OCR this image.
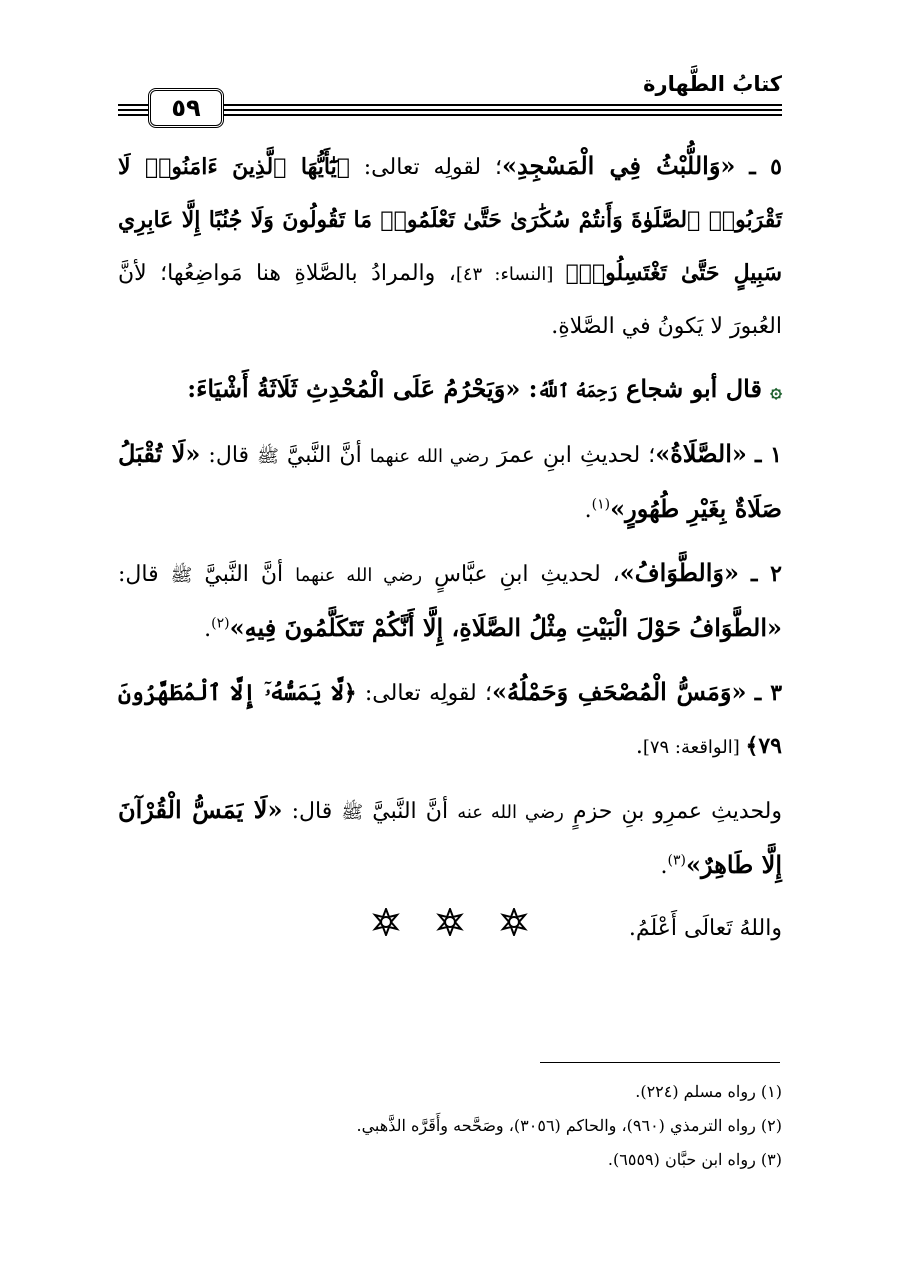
كتابُ الطَّهارة
٥٩

٥ ـ «وَاللُّبْثُ فِي الْمَسْجِدِ»؛ لقولِه تعالى: ﴿يَٰٓأَيُّهَا ٱلَّذِينَ ءَامَنُوا۟ لَا تَقْرَبُوا۟ ٱلصَّلَوٰةَ وَأَنتُمْ سُكَٰرَىٰ حَتَّىٰ تَعْلَمُوا۟ مَا تَقُولُونَ وَلَا جُنُبًا إِلَّا عَابِرِي سَبِيلٍ حَتَّىٰ تَغْتَسِلُوا۟﴾ [النساء: ٤٣]، والمرادُ بالصَّلاةِ هنا مَواضِعُها؛ لأنَّ العُبورَ لا يَكونُ في الصَّلاةِ.

۞ قال أبو شجاع رَحِمَهُ ٱللَّهُ: «وَيَحْرُمُ عَلَى الْمُحْدِثِ ثَلَاثَةُ أَشْيَاءَ:

١ ـ «الصَّلَاةُ»؛ لحديثِ ابنِ عمرَ رضي الله عنهما أنَّ النَّبيَّ ﷺ قال: «لَا تُقْبَلُ صَلَاةٌ بِغَيْرِ طُهُورٍ»$^{(١)}$.

٢ ـ «وَالطَّوَافُ»، لحديثِ ابنِ عبَّاسٍ رضي الله عنهما أنَّ النَّبيَّ ﷺ قال: «الطَّوَافُ حَوْلَ الْبَيْتِ مِثْلُ الصَّلَاةِ، إِلَّا أَنَّكُمْ تَتَكَلَّمُونَ فِيهِ»$^{(٢)}$.

٣ ـ «وَمَسُّ الْمُصْحَفِ وَحَمْلُهُ»؛ لقولِه تعالى: ﴿لَّا يَمَسُّهُۥٓ إِلَّا ٱلْمُطَهَّرُونَ ٧٩﴾ [الواقعة: ٧٩].

ولحديثِ عمرِو بنِ حزمٍ رضي الله عنه أنَّ النَّبيَّ ﷺ قال: «لَا يَمَسُّ الْقُرْآنَ إِلَّا طَاهِرٌ»$^{(٣)}$.

واللهُ تَعالَى أَعْلَمُ.

(١) رواه مسلم (٢٢٤).

(٢) رواه الترمذي (٩٦٠)، والحاكم (٣٠٥٦)، وصَحَّحه وأَقَرَّه الذَّهبي.

(٣) رواه ابن حبَّان (٦٥٥٩).
